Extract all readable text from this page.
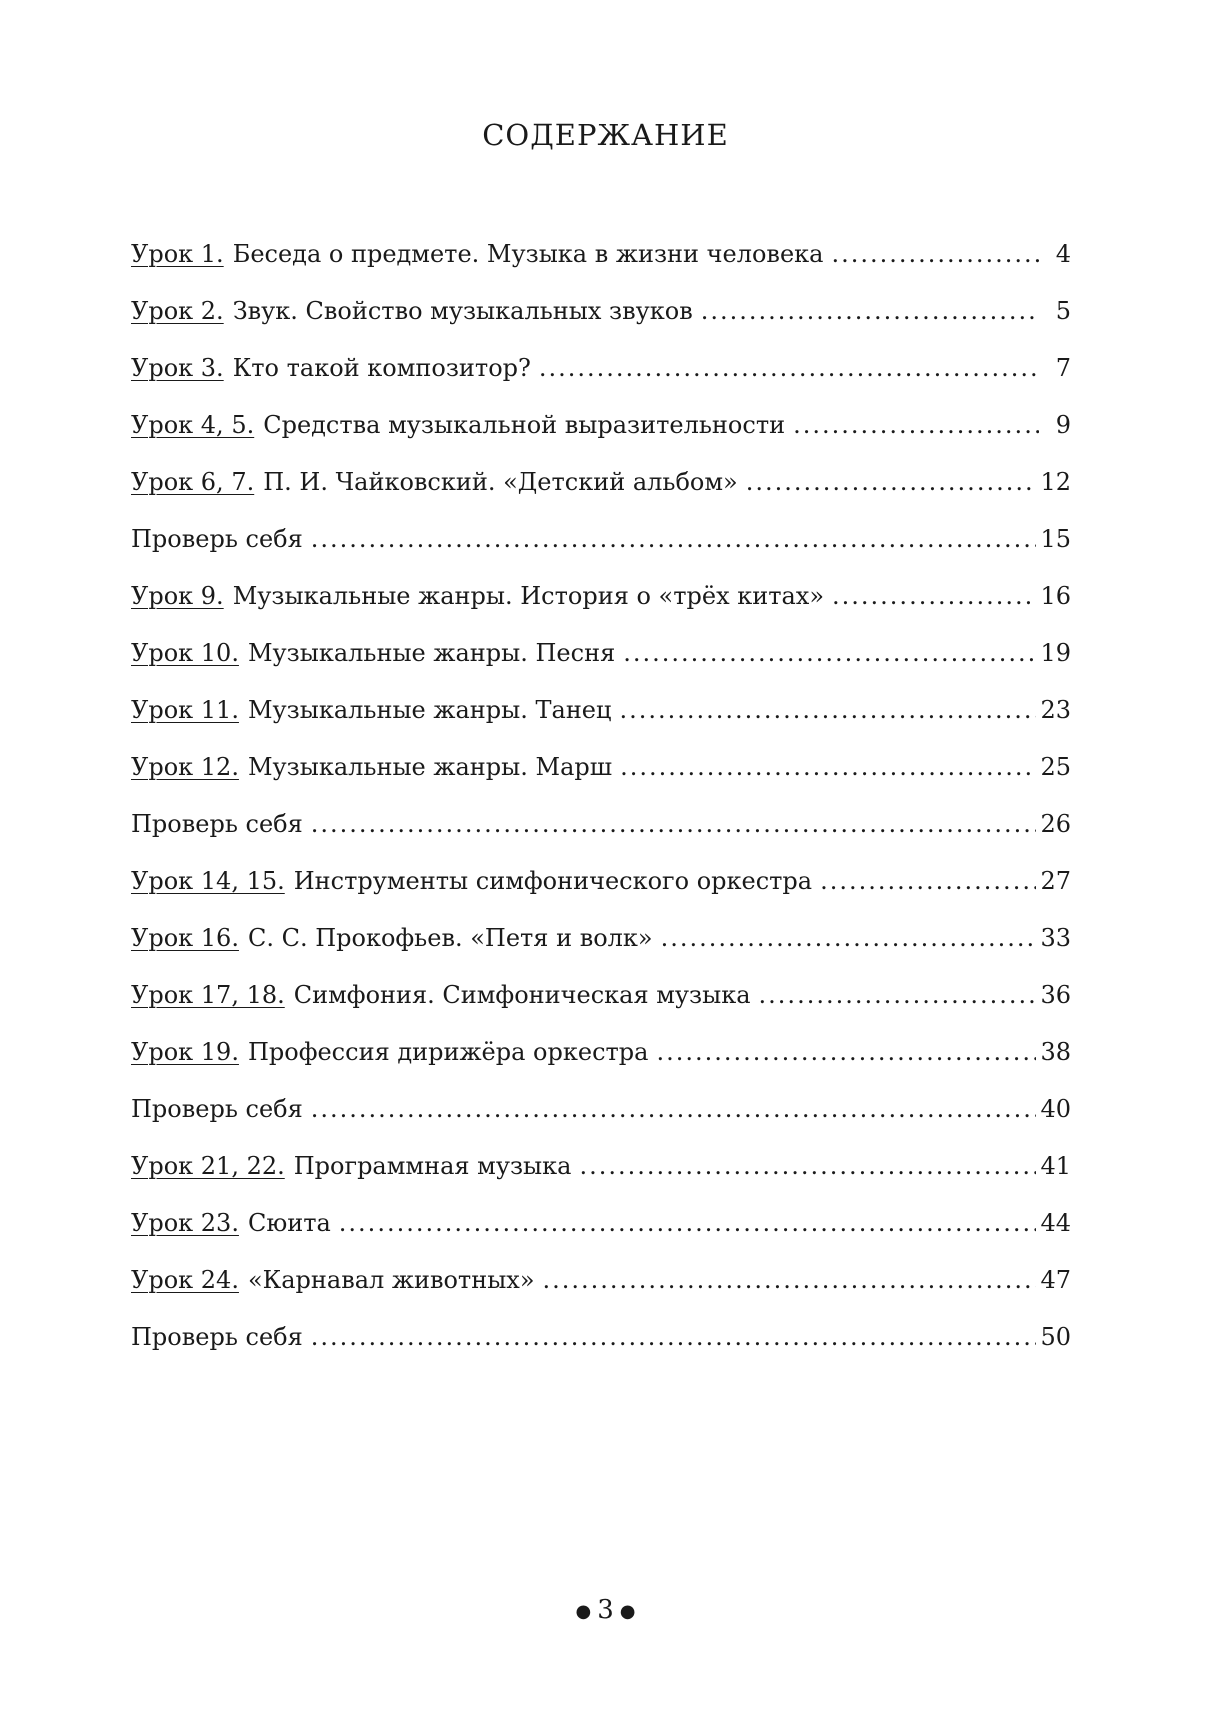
СОДЕРЖАНИЕ
Урок 1. Беседа о предмете. Музыка в жизни человека .....	4
Урок 2. Звук. Свойство музыкальных звуков .....	5
Урок 3. Кто такой композитор? .....	7
Урок 4, 5. Средства музыкальной выразительности .....	9
Урок 6, 7. П. И. Чайковский. «Детский альбом» .....	12
Проверь себя .....	15
Урок 9. Музыкальные жанры. История о «трёх китах» .....	16
Урок 10. Музыкальные жанры. Песня .....	19
Урок 11. Музыкальные жанры. Танец .....	23
Урок 12. Музыкальные жанры. Марш .....	25
Проверь себя .....	26
Урок 14, 15. Инструменты симфонического оркестра .....	27
Урок 16. С. С. Прокофьев. «Петя и волк» .....	33
Урок 17, 18. Симфония. Симфоническая музыка .....	36
Урок 19. Профессия дирижёра оркестра .....	38
Проверь себя .....	40
Урок 21, 22. Программная музыка .....	41
Урок 23. Сюита .....	44
Урок 24. «Карнавал животных» .....	47
Проверь себя .....	50
● 3 ●
